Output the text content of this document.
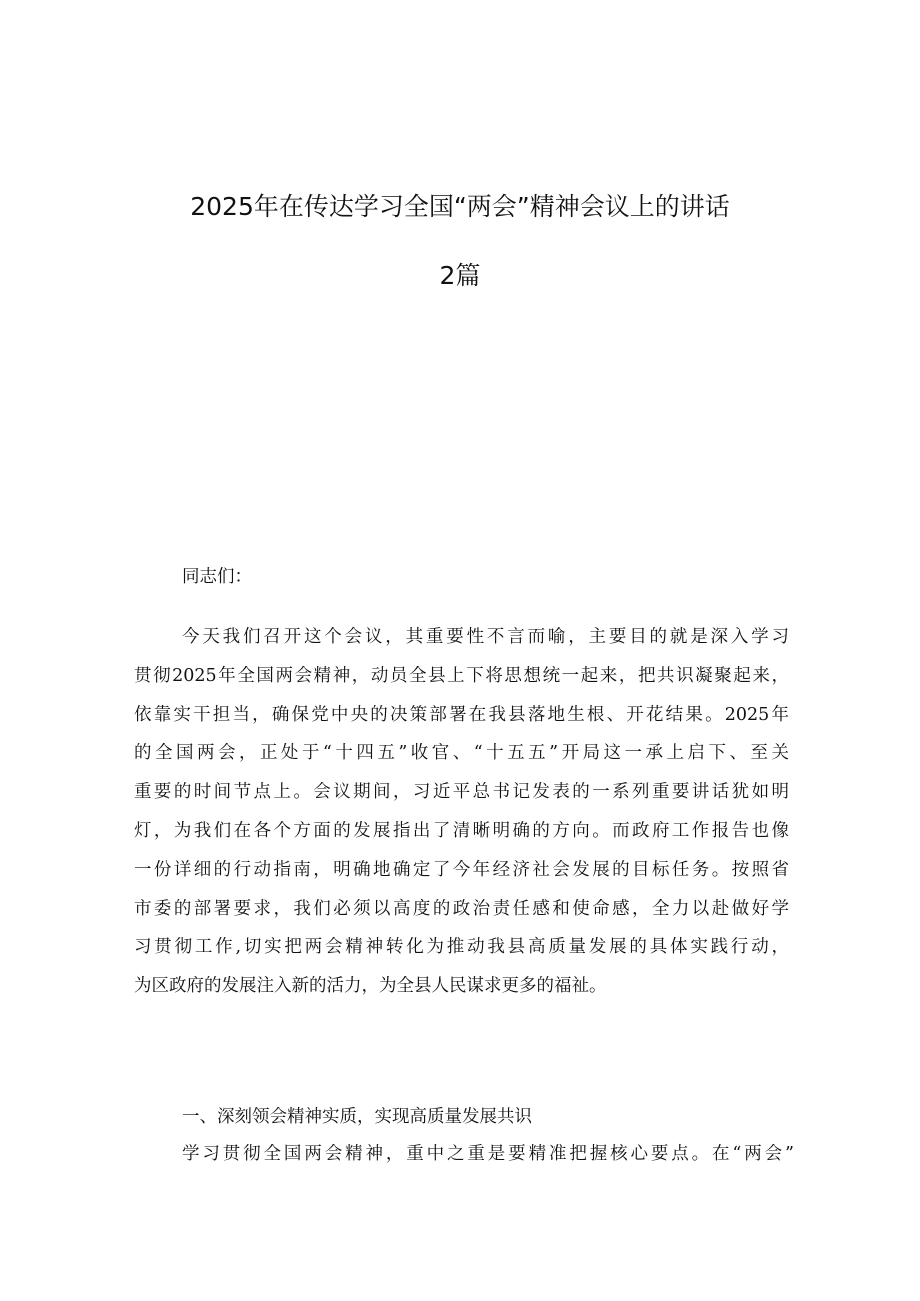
2025年在传达学习全国“两会”精神会议上的讲话
2篇
同志们：
今天我们召开这个会议，其重要性不言而喻，主要目的就是深入学习
贯彻2025年全国两会精神，动员全县上下将思想统一起来，把共识凝聚起来，
依靠实干担当，确保党中央的决策部署在我县落地生根、开花结果。2025年
的全国两会，正处于“十四五”收官、“十五五”开局这一承上启下、至关
重要的时间节点上。会议期间，习近平总书记发表的一系列重要讲话犹如明
灯，为我们在各个方面的发展指出了清晰明确的方向。而政府工作报告也像
一份详细的行动指南，明确地确定了今年经济社会发展的目标任务。按照省
市委的部署要求，我们必须以高度的政治责任感和使命感，全力以赴做好学
习贯彻工作,切实把两会精神转化为推动我县高质量发展的具体实践行动，
为区政府的发展注入新的活力，为全县人民谋求更多的福祉。
一、深刻领会精神实质，实现高质量发展共识
学习贯彻全国两会精神，重中之重是要精准把握核心要点。在“两会”
